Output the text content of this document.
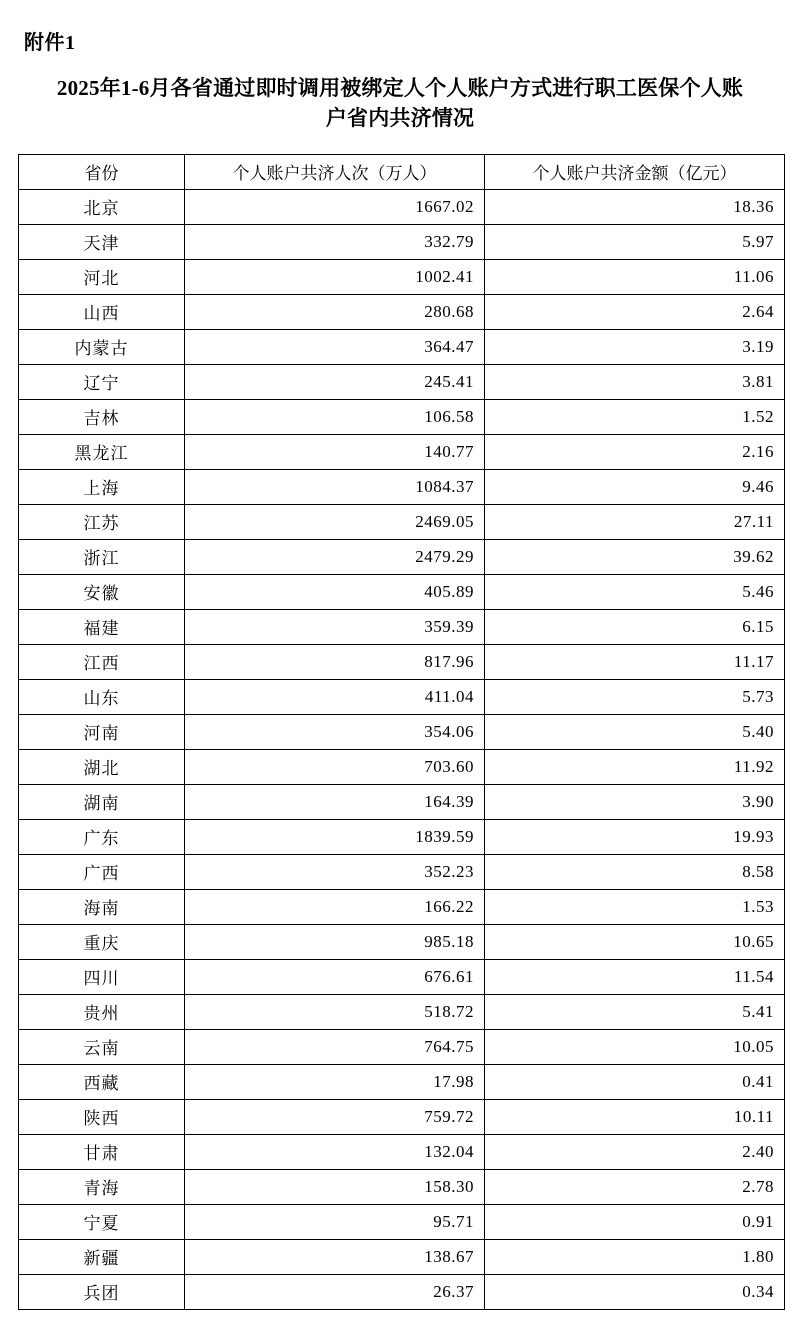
附件1
2025年1-6月各省通过即时调用被绑定人个人账户方式进行职工医保个人账户省内共济情况
省份	个人账户共济人次（万人）	个人账户共济金额（亿元）
北京	1667.02	18.36
天津	332.79	5.97
河北	1002.41	11.06
山西	280.68	2.64
内蒙古	364.47	3.19
辽宁	245.41	3.81
吉林	106.58	1.52
黑龙江	140.77	2.16
上海	1084.37	9.46
江苏	2469.05	27.11
浙江	2479.29	39.62
安徽	405.89	5.46
福建	359.39	6.15
江西	817.96	11.17
山东	411.04	5.73
河南	354.06	5.40
湖北	703.60	11.92
湖南	164.39	3.90
广东	1839.59	19.93
广西	352.23	8.58
海南	166.22	1.53
重庆	985.18	10.65
四川	676.61	11.54
贵州	518.72	5.41
云南	764.75	10.05
西藏	17.98	0.41
陕西	759.72	10.11
甘肃	132.04	2.40
青海	158.30	2.78
宁夏	95.71	0.91
新疆	138.67	1.80
兵团	26.37	0.34
